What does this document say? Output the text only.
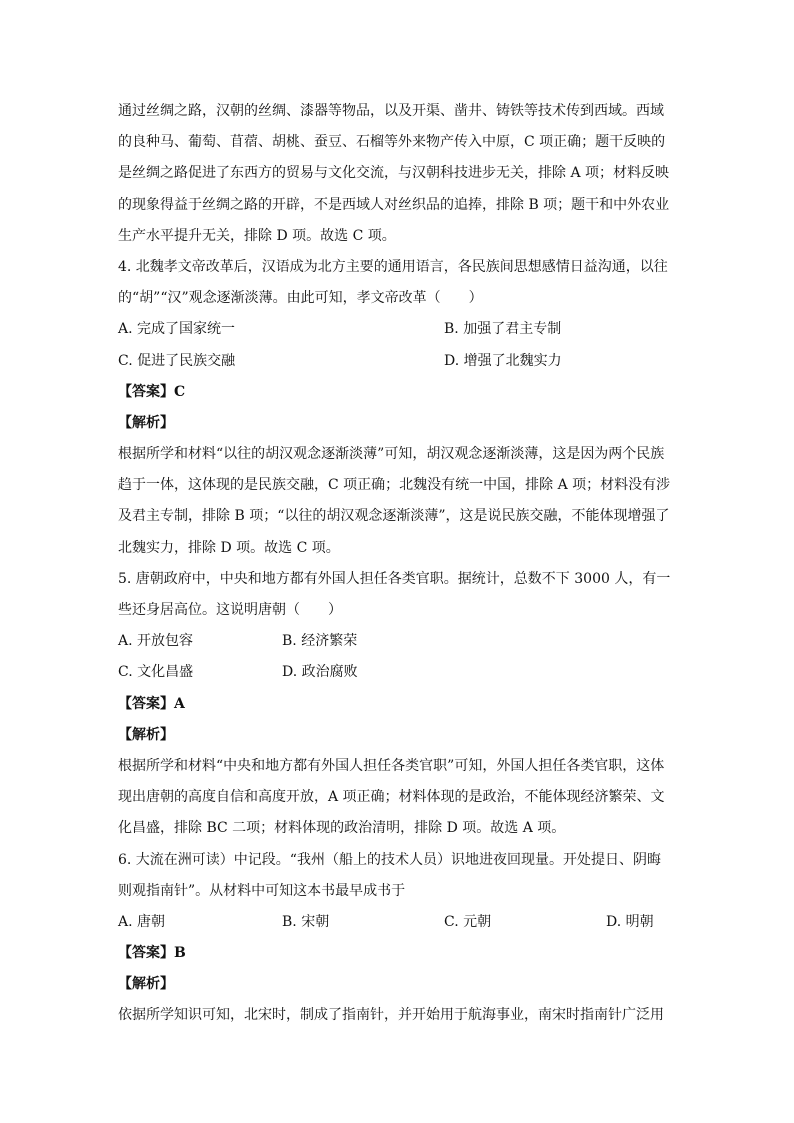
通过丝绸之路，汉朝的丝绸、漆器等物品，以及开渠、凿井、铸铁等技术传到西域。西域
的良种马、葡萄、苜蓿、胡桃、蚕豆、石榴等外来物产传入中原，C 项正确；题干反映的
是丝绸之路促进了东西方的贸易与文化交流，与汉朝科技进步无关，排除 A 项；材料反映
的现象得益于丝绸之路的开辟，不是西域人对丝织品的追捧，排除 B 项；题干和中外农业
生产水平提升无关，排除 D 项。故选 C 项。
4. 北魏孝文帝改革后，汉语成为北方主要的通用语言，各民族间思想感情日益沟通，以往
的“胡”“汉”观念逐渐淡薄。由此可知，孝文帝改革（　　）
A. 完成了国家统一	B. 加强了君主专制
C. 促进了民族交融	D. 增强了北魏实力
【答案】C
【解析】
根据所学和材料“以往的胡汉观念逐渐淡薄”可知，胡汉观念逐渐淡薄，这是因为两个民族
趋于一体，这体现的是民族交融，C 项正确；北魏没有统一中国，排除 A 项；材料没有涉
及君主专制，排除 B 项；“以往的胡汉观念逐渐淡薄”，这是说民族交融，不能体现增强了
北魏实力，排除 D 项。故选 C 项。
5. 唐朝政府中，中央和地方都有外国人担任各类官职。据统计，总数不下 3000 人，有一
些还身居高位。这说明唐朝（　　）
A. 开放包容	B. 经济繁荣
C. 文化昌盛	D. 政治腐败
【答案】A
【解析】
根据所学和材料“中央和地方都有外国人担任各类官职”可知，外国人担任各类官职，这体
现出唐朝的高度自信和高度开放，A 项正确；材料体现的是政治，不能体现经济繁荣、文
化昌盛，排除 BC 二项；材料体现的政治清明，排除 D 项。故选 A 项。
6. 大流在洲可读）中记段。“我州（船上的技术人员）识地进夜回现量。开处提日、阴晦
则观指南针”。从材料中可知这本书最早成书于
A. 唐朝	B. 宋朝	C. 元朝	D. 明朝
【答案】B
【解析】
依据所学知识可知，北宋时，制成了指南针，并开始用于航海事业，南宋时指南针广泛用
